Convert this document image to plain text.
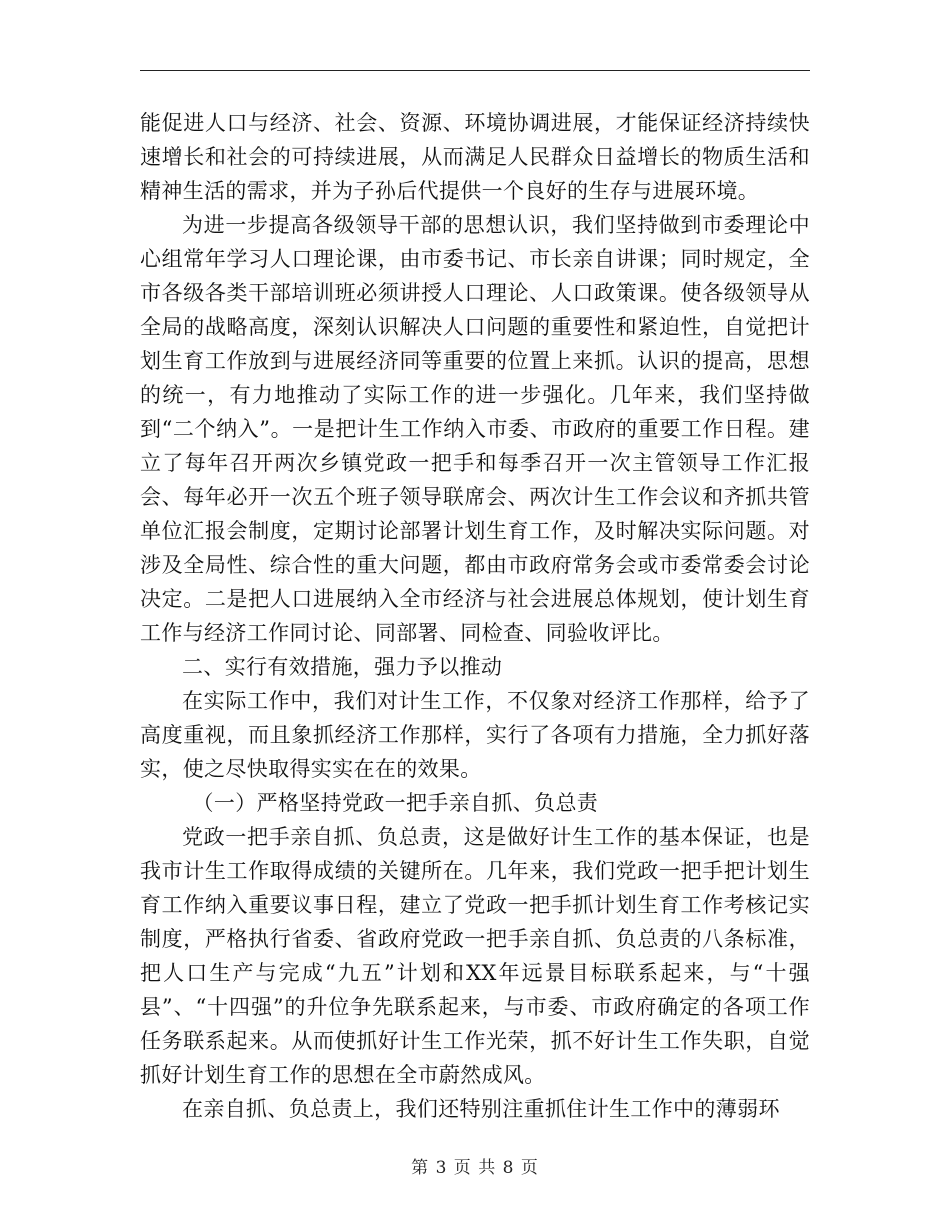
能促进人口与经济、社会、资源、环境协调进展，才能保证经济持续快速增长和社会的可持续进展，从而满足人民群众日益增长的物质生活和精神生活的需求，并为子孙后代提供一个良好的生存与进展环境。

为进一步提高各级领导干部的思想认识，我们坚持做到市委理论中心组常年学习人口理论课，由市委书记、市长亲自讲课；同时规定，全市各级各类干部培训班必须讲授人口理论、人口政策课。使各级领导从全局的战略高度，深刻认识解决人口问题的重要性和紧迫性，自觉把计划生育工作放到与进展经济同等重要的位置上来抓。认识的提高，思想的统一，有力地推动了实际工作的进一步强化。几年来，我们坚持做到“二个纳入”。一是把计生工作纳入市委、市政府的重要工作日程。建立了每年召开两次乡镇党政一把手和每季召开一次主管领导工作汇报会、每年必开一次五个班子领导联席会、两次计生工作会议和齐抓共管单位汇报会制度，定期讨论部署计划生育工作，及时解决实际问题。对涉及全局性、综合性的重大问题，都由市政府常务会或市委常委会讨论决定。二是把人口进展纳入全市经济与社会进展总体规划，使计划生育工作与经济工作同讨论、同部署、同检查、同验收评比。

二、实行有效措施，强力予以推动

在实际工作中，我们对计生工作，不仅象对经济工作那样，给予了高度重视，而且象抓经济工作那样，实行了各项有力措施，全力抓好落实，使之尽快取得实实在在的效果。

（一）严格坚持党政一把手亲自抓、负总责

党政一把手亲自抓、负总责，这是做好计生工作的基本保证，也是我市计生工作取得成绩的关键所在。几年来，我们党政一把手把计划生育工作纳入重要议事日程，建立了党政一把手抓计划生育工作考核记实制度，严格执行省委、省政府党政一把手亲自抓、负总责的八条标准，把人口生产与完成“九五”计划和XX年远景目标联系起来，与“十强县”、“十四强”的升位争先联系起来，与市委、市政府确定的各项工作任务联系起来。从而使抓好计生工作光荣，抓不好计生工作失职，自觉抓好计划生育工作的思想在全市蔚然成风。

在亲自抓、负总责上，我们还特别注重抓住计生工作中的薄弱环

第 3 页 共 8 页
